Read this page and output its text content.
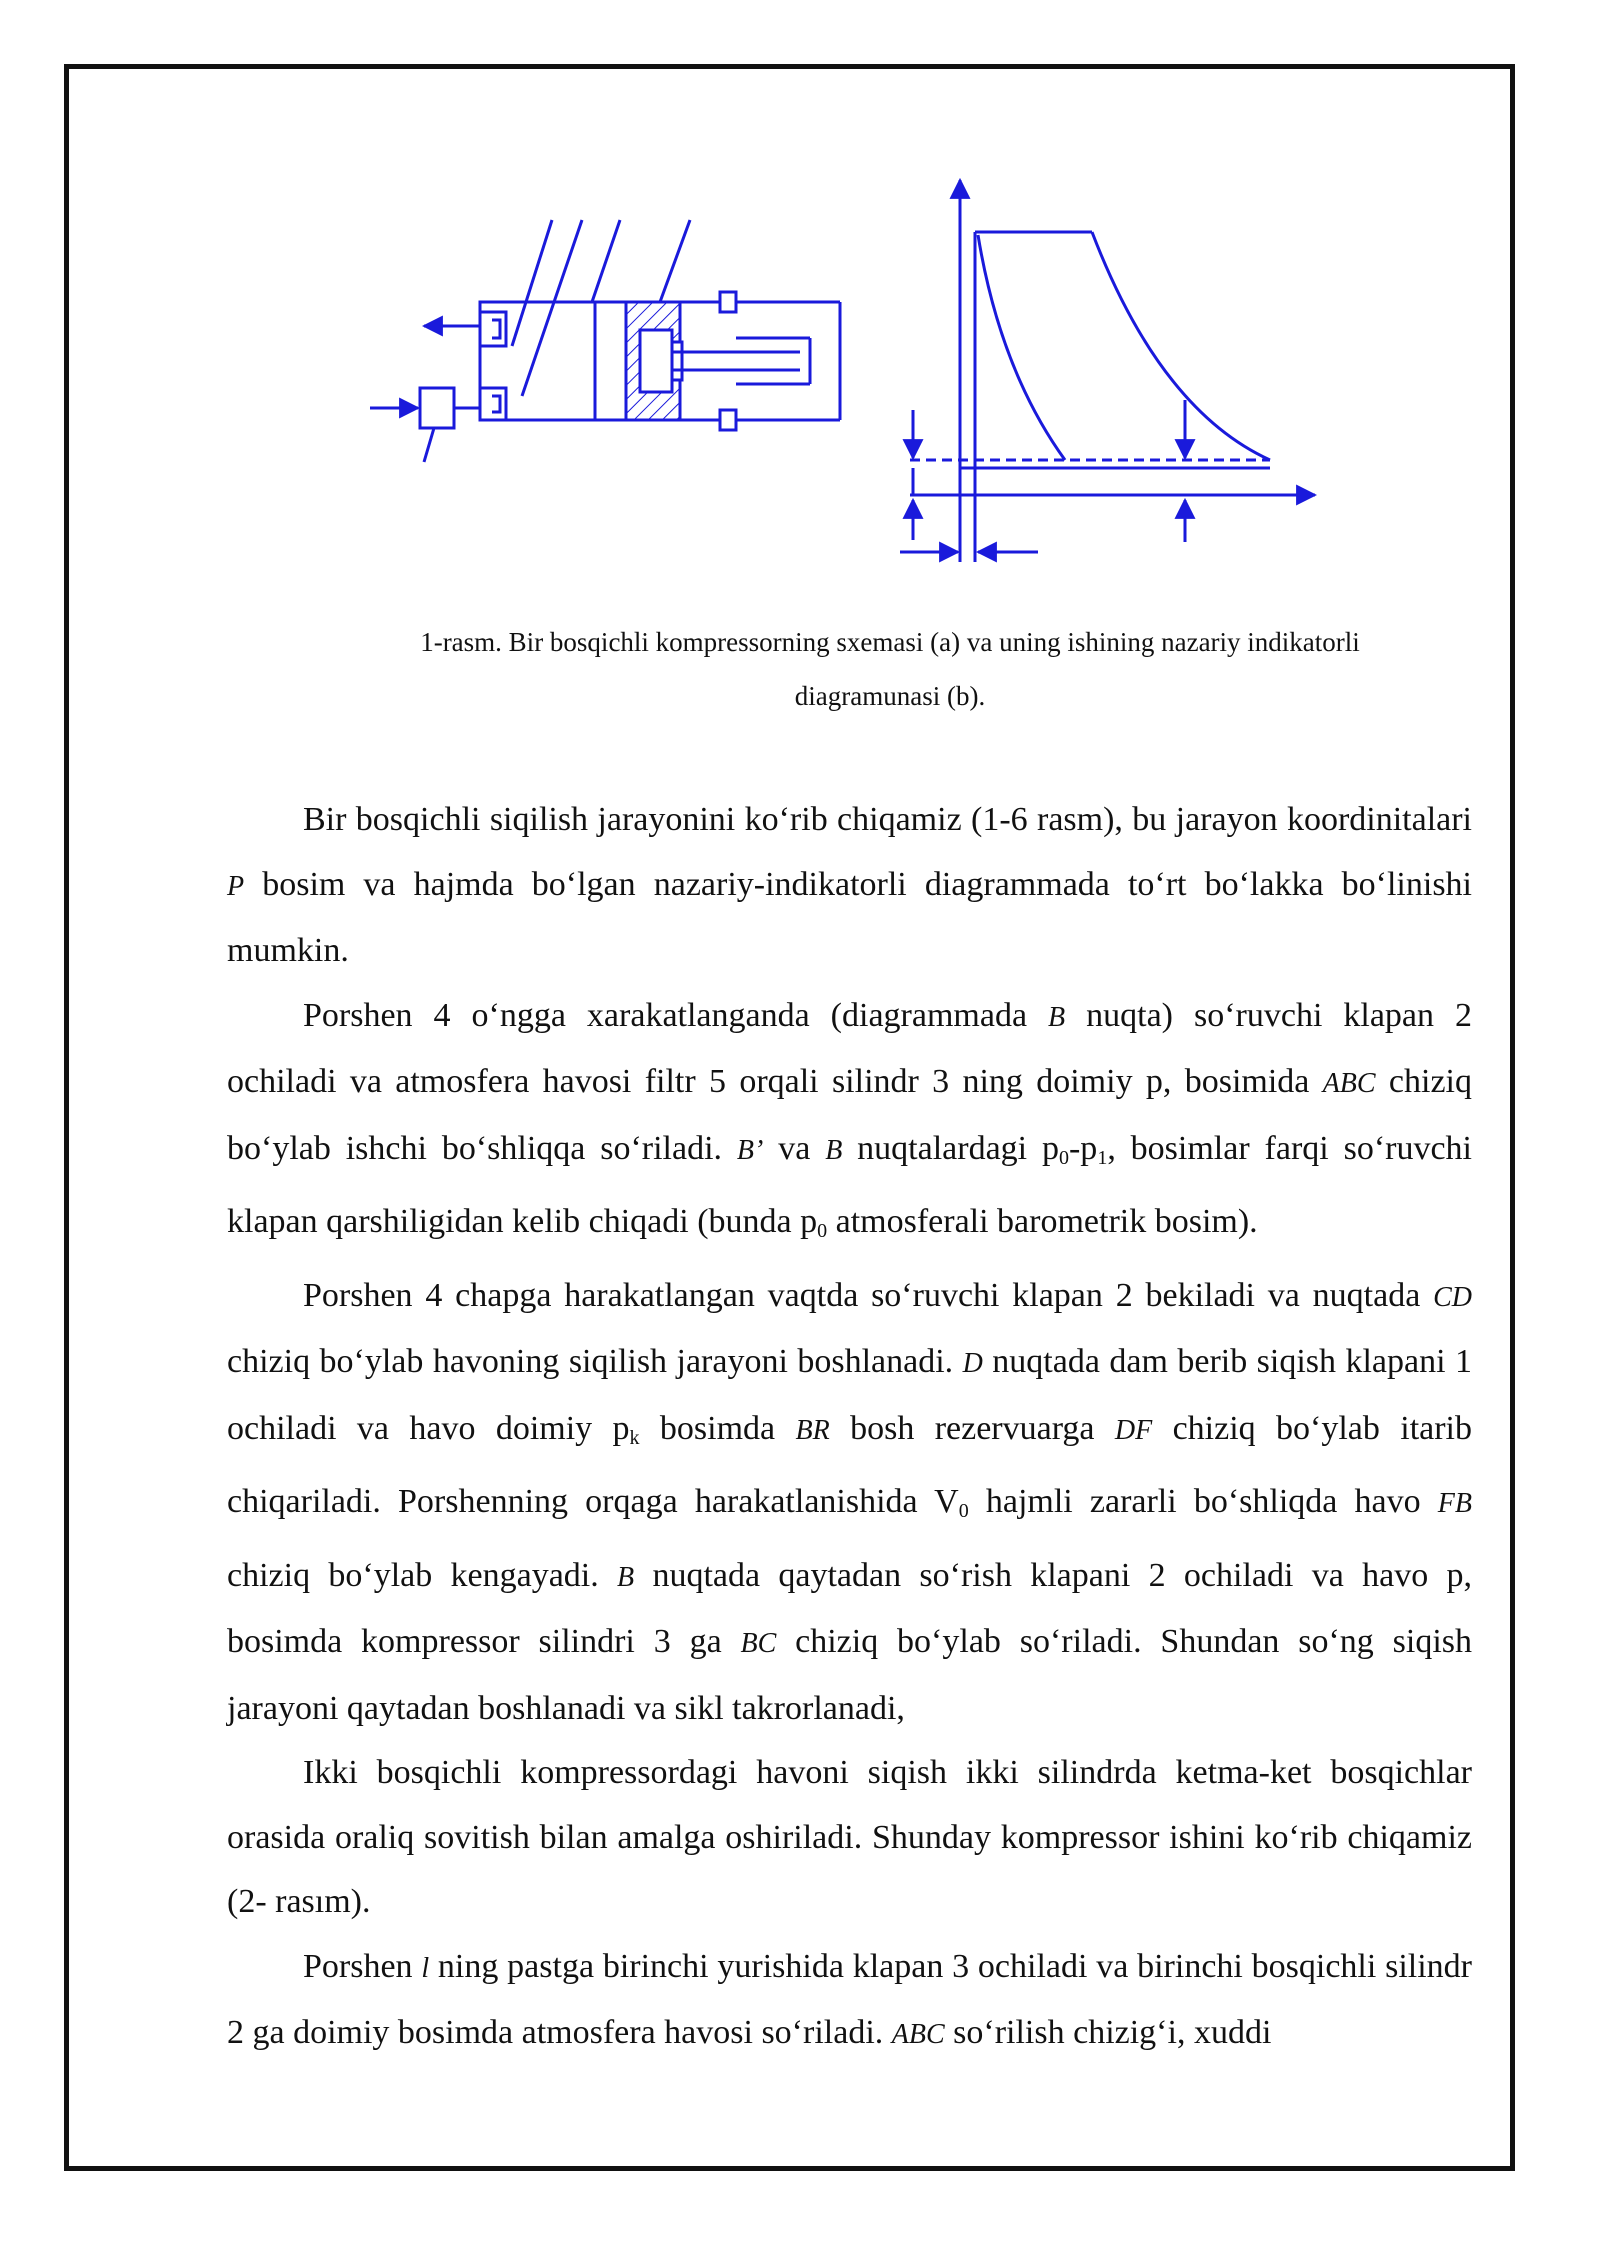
1-rasm. Bir bosqichli kompressorning sxemasi (a) va uning ishining nazariy indikatorli
diagramunasi (b).

Bir bosqichli siqilish jarayonini ko‘rib chiqamiz (1-6 rasm), bu jarayon koordinitalari P bosim va hajmda bo‘lgan nazariy-indikatorli diagrammada to‘rt bo‘lakka bo‘linishi mumkin.

Porshen 4 o‘ngga xarakatlanganda (diagrammada B nuqta) so‘ruvchi klapan 2 ochiladi va atmosfera havosi filtr 5 orqali silindr 3 ning doimiy p, bosimida ABC chiziq bo‘ylab ishchi bo‘shliqqa so‘riladi. B’ va B nuqtalardagi $p_0-p_1$, bosimlar farqi so‘ruvchi klapan qarshiligidan kelib chiqadi (bunda $p_0$ atmosferali barometrik bosim).

Porshen 4 chapga harakatlangan vaqtda so‘ruvchi klapan 2 bekiladi va nuqtada CD chiziq bo‘ylab havoning siqilish jarayoni boshlanadi. D nuqtada dam berib siqish klapani 1 ochiladi va havo doimiy $p_k$ bosimda BR bosh rezervuarga DF chiziq bo‘ylab itarib chiqariladi. Porshenning orqaga harakatlanishida $V_0$ hajmli zararli bo‘shliqda havo FB chiziq bo‘ylab kengayadi. B nuqtada qaytadan so‘rish klapani 2 ochiladi va havo p, bosimda kompressor silindri 3 ga BC chiziq bo‘ylab so‘riladi. Shundan so‘ng siqish jarayoni qaytadan boshlanadi va sikl takrorlanadi,

Ikki bosqichli kompressordagi havoni siqish ikki silindrda ketma-ket bosqichlar orasida oraliq sovitish bilan amalga oshiriladi. Shunday kompressor ishini ko‘rib chiqamiz (2- rasım).

Porshen l ning pastga birinchi yurishida klapan 3 ochiladi va birinchi bosqichli silindr 2 ga doimiy bosimda atmosfera havosi so‘riladi. ABC so‘rilish chizig‘i, xuddi
